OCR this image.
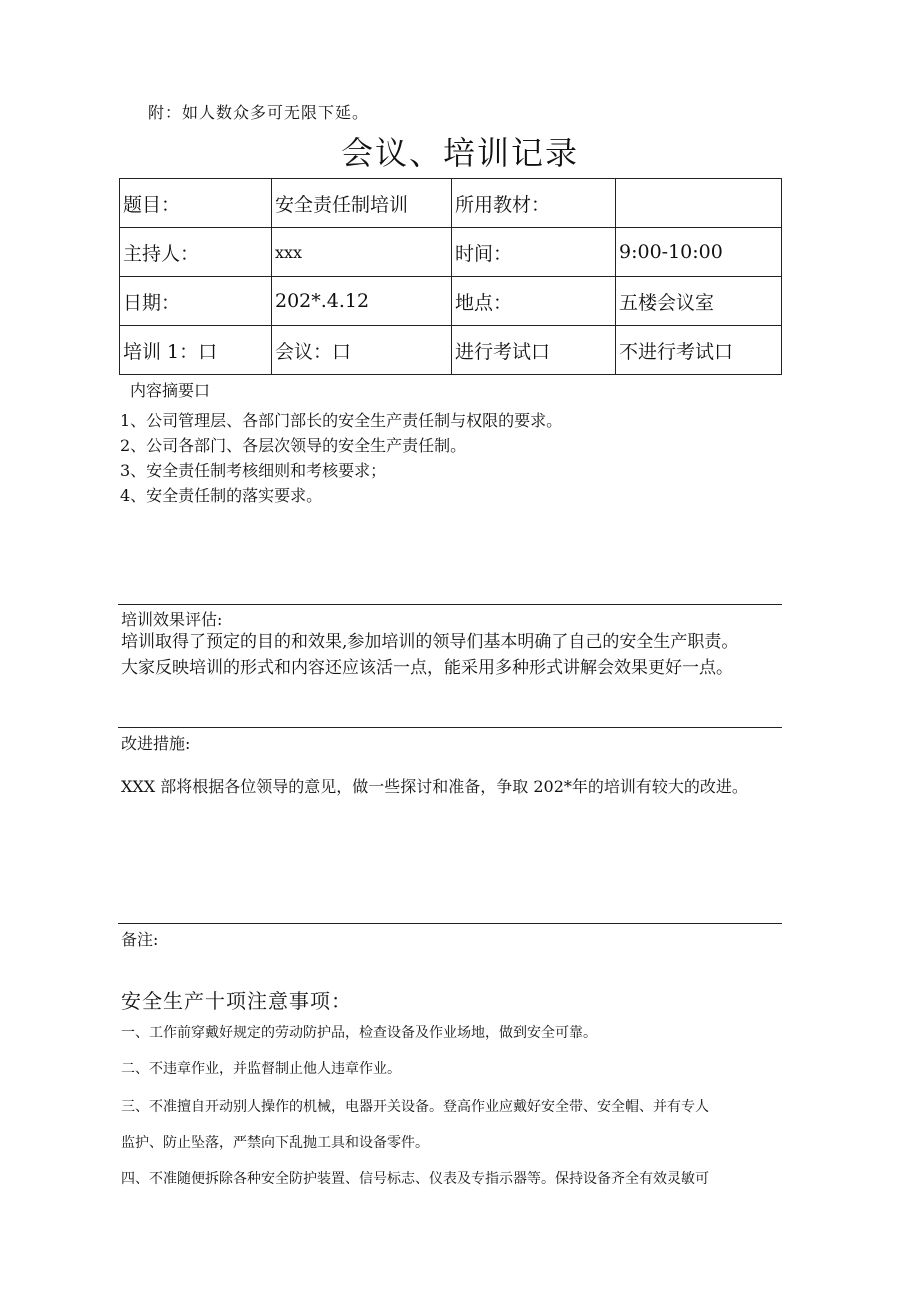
附：如人数众多可无限下延。
会议、培训记录
题目：	安全责任制培训	所用教材：	
主持人：	xxx	时间：	9:00-10:00
日期：	202*.4.12	地点：	五楼会议室
培训 1：口	会议：口	进行考试口	不进行考试口
内容摘要口
1、公司管理层、各部门部长的安全生产责任制与权限的要求。
2、公司各部门、各层次领导的安全生产责任制。
3、安全责任制考核细则和考核要求；
4、安全责任制的落实要求。
培训效果评估:
培训取得了预定的目的和效果,参加培训的领导们基本明确了自己的安全生产职责。
大家反映培训的形式和内容还应该活一点，能采用多种形式讲解会效果更好一点。
改进措施:
XXX 部将根据各位领导的意见，做一些探讨和准备，争取 202*年的培训有较大的改进。
备注:
安全生产十项注意事项：
一、工作前穿戴好规定的劳动防护品，检查设备及作业场地，做到安全可靠。
二、不违章作业，并监督制止他人违章作业。
三、不准擅自开动别人操作的机械，电器开关设备。登高作业应戴好安全带、安全帽、并有专人
监护、防止坠落，严禁向下乱抛工具和设备零件。
四、不准随便拆除各种安全防护装置、信号标志、仪表及专指示器等。保持设备齐全有效灵敏可
